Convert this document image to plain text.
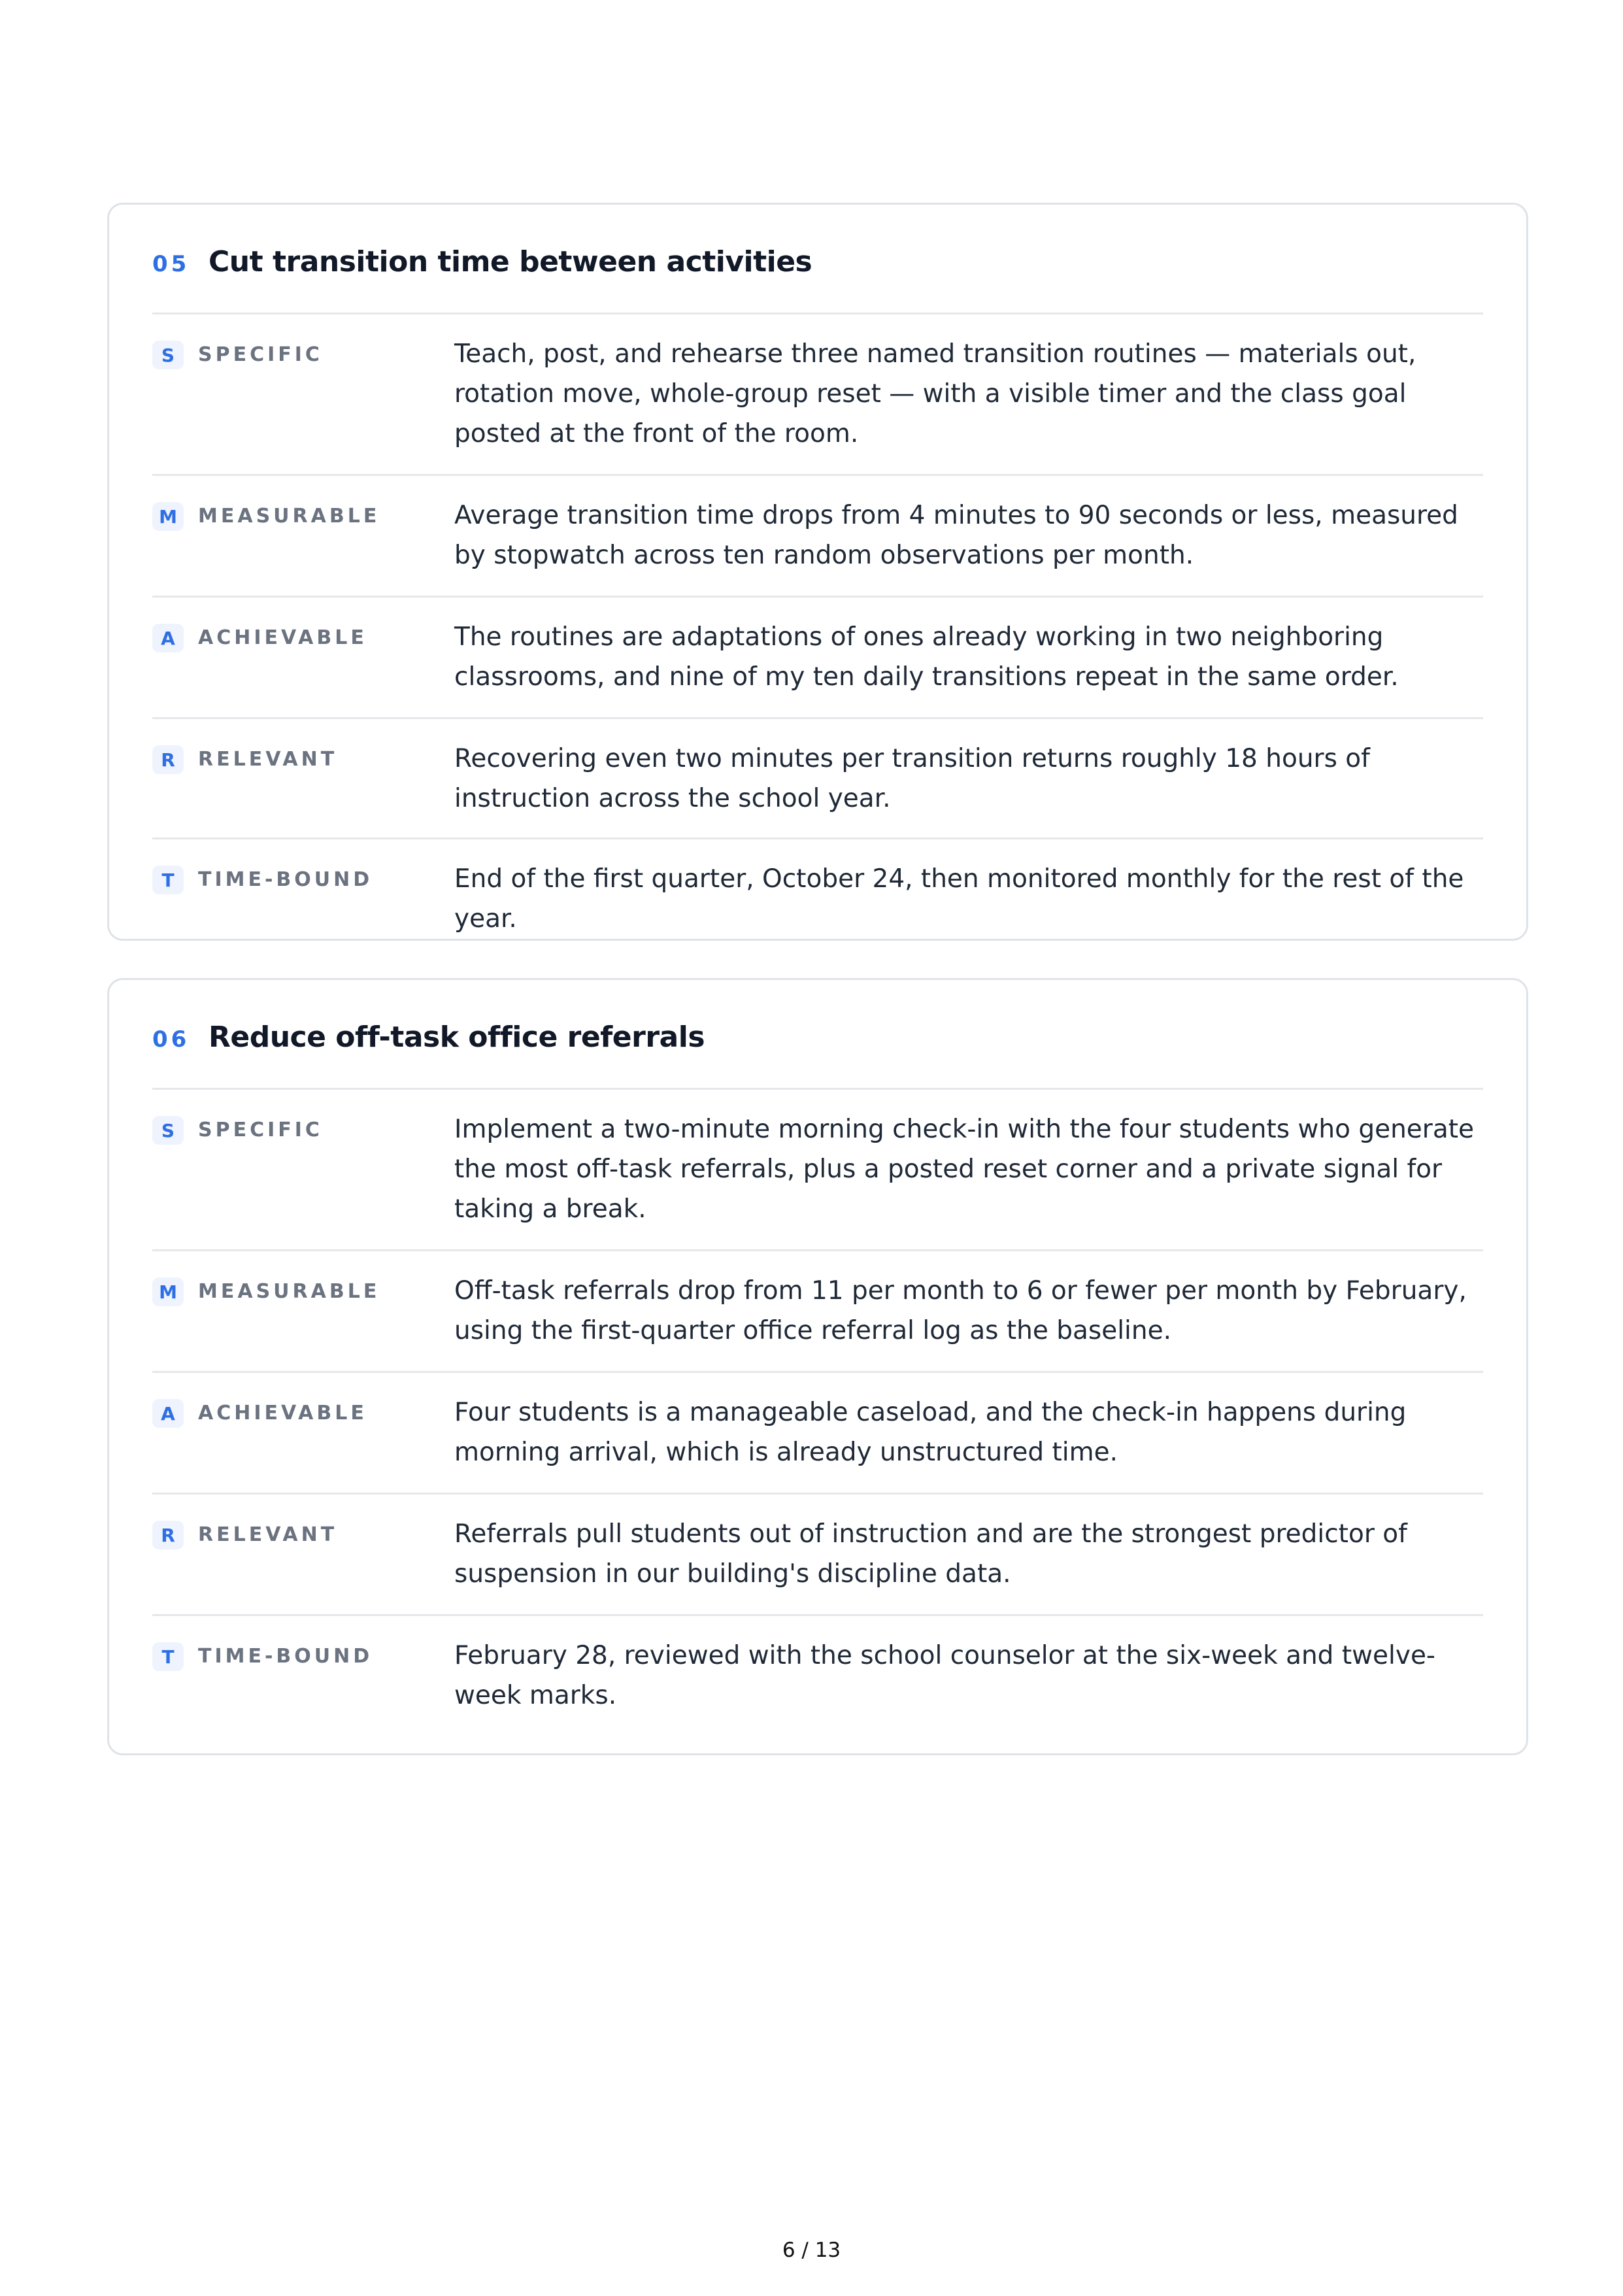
05 Cut transition time between activities
S	SPECIFIC	Teach, post, and rehearse three named transition routines — materials out, rotation move, whole-group reset — with a visible timer and the class goal posted at the front of the room.
M	MEASURABLE	Average transition time drops from 4 minutes to 90 seconds or less, measured by stopwatch across ten random observations per month.
A	ACHIEVABLE	The routines are adaptations of ones already working in two neighboring classrooms, and nine of my ten daily transitions repeat in the same order.
R	RELEVANT	Recovering even two minutes per transition returns roughly 18 hours of instruction across the school year.
T	TIME-BOUND	End of the first quarter, October 24, then monitored monthly for the rest of the year.
06 Reduce off-task office referrals
S	SPECIFIC	Implement a two-minute morning check-in with the four students who generate the most off-task referrals, plus a posted reset corner and a private signal for taking a break.
M	MEASURABLE	Off-task referrals drop from 11 per month to 6 or fewer per month by February, using the first-quarter office referral log as the baseline.
A	ACHIEVABLE	Four students is a manageable caseload, and the check-in happens during morning arrival, which is already unstructured time.
R	RELEVANT	Referrals pull students out of instruction and are the strongest predictor of suspension in our building's discipline data.
T	TIME-BOUND	February 28, reviewed with the school counselor at the six-week and twelve-week marks.
6 / 13
